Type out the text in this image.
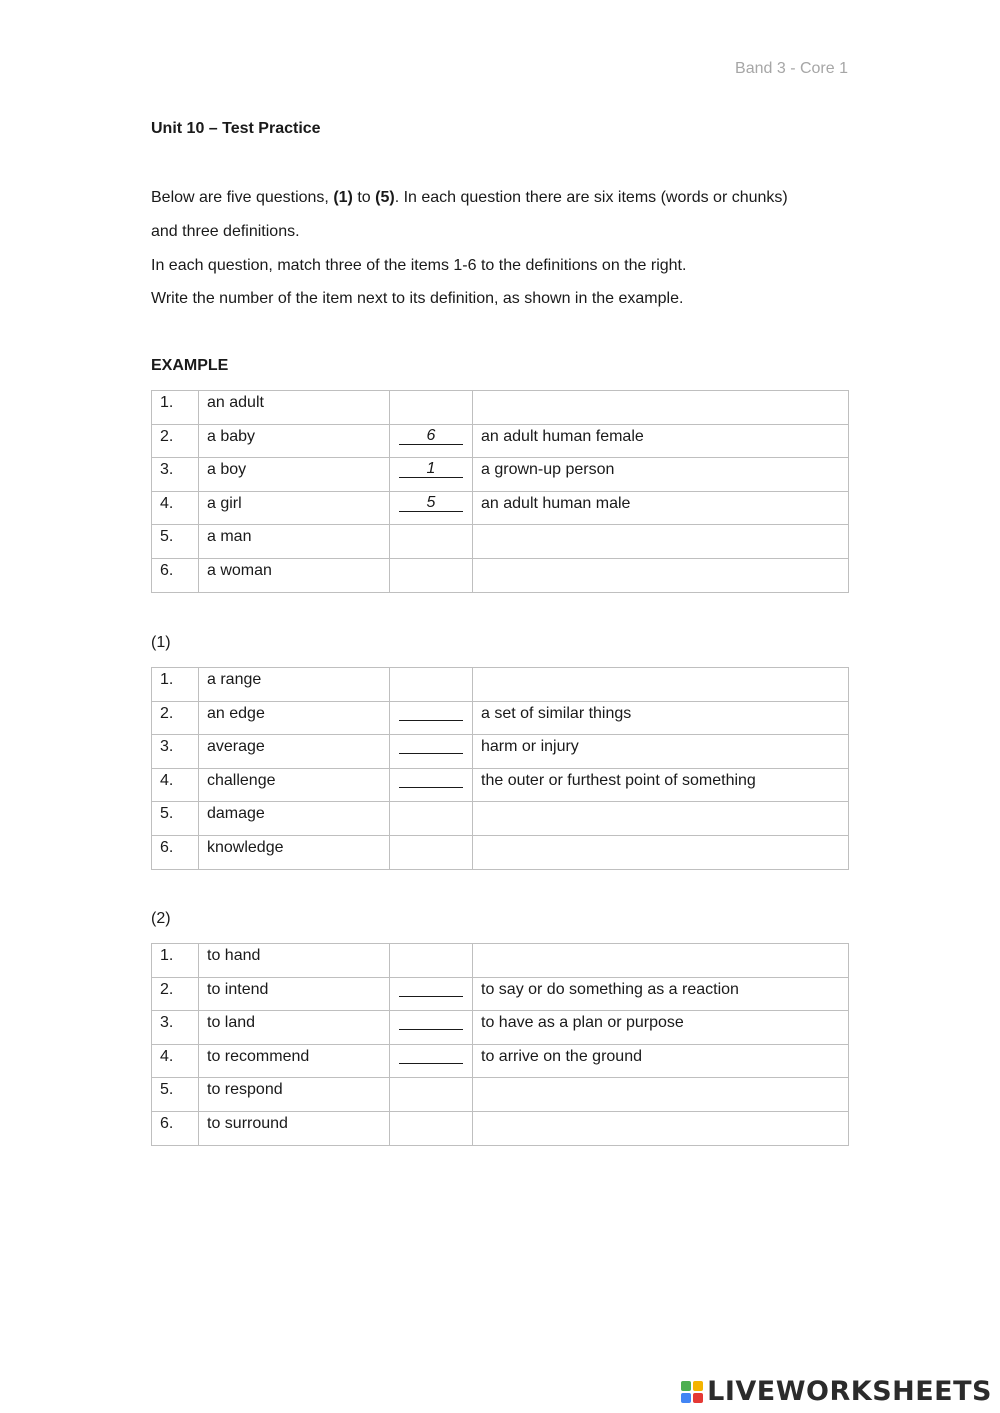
Band 3 - Core 1
Unit 10 – Test Practice
Below are five questions, (1) to (5). In each question there are six items (words or chunks)
and three definitions.
In each question, match three of the items 1-6 to the definitions on the right.
Write the number of the item next to its definition, as shown in the example.
EXAMPLE
1.	an adult		
2.	a baby	6	an adult human female
3.	a boy	1	a grown-up person
4.	a girl	5	an adult human male
5.	a man		
6.	a woman		
(1)
1.	a range		
2.	an edge		a set of similar things
3.	average		harm or injury
4.	challenge		the outer or furthest point of something
5.	damage		
6.	knowledge		
(2)
1.	to hand		
2.	to intend		to say or do something as a reaction
3.	to land		to have as a plan or purpose
4.	to recommend		to arrive on the ground
5.	to respond		
6.	to surround		
LIVEWORKSHEETS
